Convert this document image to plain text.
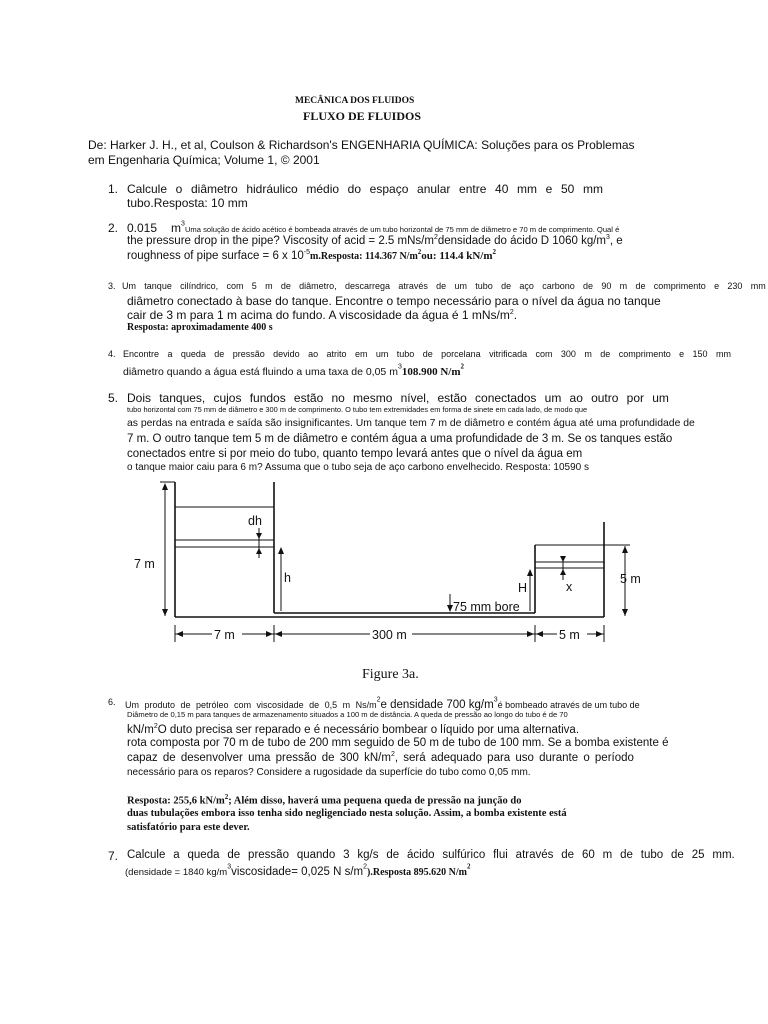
MECÂNICA DOS FLUIDOS
FLUXO DE FLUIDOS
De: Harker J. H., et al, Coulson & Richardson's ENGENHARIA QUÍMICA: Soluções para os Problemas
em Engenharia Química; Volume 1, © 2001
1. Calcule o diâmetro hidráulico médio do espaço anular entre 40 mm e 50 mm
tubo.Resposta: 10 mm
2. 0.015 $m^3Uma$ solução de ácido acético é bombeada através de um tubo horizontal de 75 mm de diâmetro e 70 m de comprimento. Qual é
the pressure drop in the pipe? Viscosity of acid = 2.5 mNs/$m^2densidade$ do ácido D 1060 $kg/m^3$, e
roughness of pipe surface = 6 x $10^{-5}m.Resposta$: 114.367 $N/m^2ou$: 114.4 $kN/m^2$
3. Um tanque cilíndrico, com 5 m de diâmetro, descarrega através de um tubo de aço carbono de 90 m de comprimento e 230 mm
diâmetro conectado à base do tanque. Encontre o tempo necessário para o nível da água no tanque
cair de 3 m para 1 m acima do fundo. A viscosidade da água é 1 mNs/$m^2$.
Resposta: aproximadamente 400 s
4. Encontre a queda de pressão devido ao atrito em um tubo de porcelana vitrificada com 300 m de comprimento e 150 mm
diâmetro quando a água está fluindo a uma taxa de 0,05 $m^3108.900$ $N/m^2$
5. Dois tanques, cujos fundos estão no mesmo nível, estão conectados um ao outro por um
tubo horizontal com 75 mm de diâmetro e 300 m de comprimento. O tubo tem extremidades em forma de sinete em cada lado, de modo que
as perdas na entrada e saída são insignificantes. Um tanque tem 7 m de diâmetro e contém água até uma profundidade de
7 m. O outro tanque tem 5 m de diâmetro e contém água a uma profundidade de 3 m. Se os tanques estão
conectados entre si por meio do tubo, quanto tempo levará antes que o nível da água em
o tanque maior caiu para 6 m? Assuma que o tubo seja de aço carbono envelhecido. Resposta: 10590 s
7 m
dh
h
H	x
5 m
75 mm bore
7 m	300 m	5 m
Figure 3a.
6. Um produto de petróleo com viscosidade de 0,5 m $Ns/m^2e$ densidade 700 $kg/m^3é$ bombeado através de um tubo de
Diâmetro de 0,15 m para tanques de armazenamento situados a 100 m de distância. A queda de pressão ao longo do tubo é de 70
$kN/m^2O$ duto precisa ser reparado e é necessário bombear o líquido por uma alternativa.
rota composta por 70 m de tubo de 200 mm seguido de 50 m de tubo de 100 mm. Se a bomba existente é
capaz de desenvolver uma pressão de 300 $kN/m^2$, será adequado para uso durante o período
necessário para os reparos? Considere a rugosidade da superfície do tubo como 0,05 mm.
Resposta: 255,6 $kN/m^2$; Além disso, haverá uma pequena queda de pressão na junção do
duas tubulações embora isso tenha sido negligenciado nesta solução. Assim, a bomba existente está
satisfatório para este dever.
7. Calcule a queda de pressão quando 3 kg/s de ácido sulfúrico flui através de 60 m de tubo de 25 mm.
(densidade = 1840 $kg/m^3viscosidade= 0,025$ N $s/m^2).Resposta$ 895.620 $N/m^2$
